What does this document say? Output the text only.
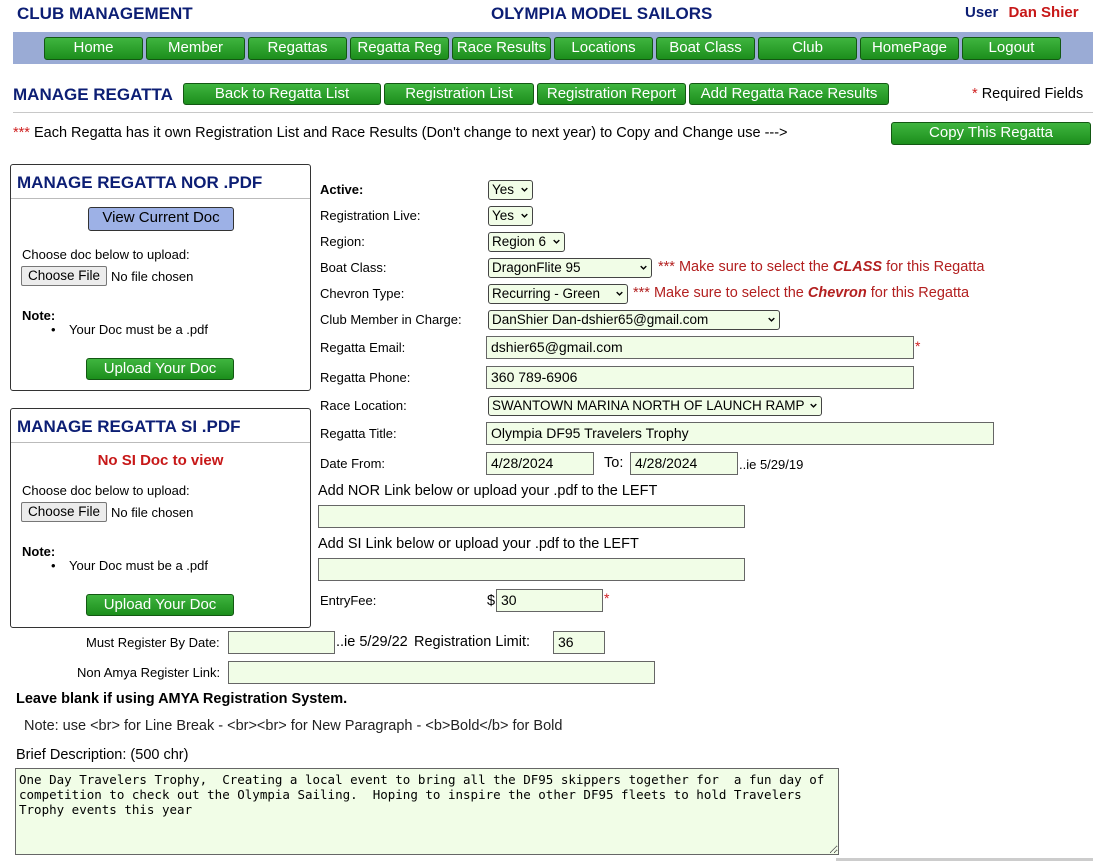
CLUB MANAGEMENT	OLYMPIA MODEL SAILORS	User Dan Shier
Home	Member	Regattas	Regatta Reg	Race Results	Locations	Boat Class	Club	HomePage	Logout
MANAGE REGATTA	Back to Regatta List	Registration List	Registration Report	Add Regatta Race Results	* Required Fields
*** Each Regatta has it own Registration List and Race Results (Don't change to next year) to Copy and Change use --->	Copy This Regatta
MANAGE REGATTA NOR .PDF
View Current Doc
Choose doc below to upload:
Choose File No file chosen
Note:
• Your Doc must be a .pdf
Upload Your Doc
MANAGE REGATTA SI .PDF
No SI Doc to view
Choose doc below to upload:
Choose File No file chosen
Note:
• Your Doc must be a .pdf
Upload Your Doc
Active:	Yes
Registration Live:	Yes
Region:	Region 6
Boat Class:	DragonFlite 95	*** Make sure to select the CLASS for this Regatta
Chevron Type:	Recurring - Green	*** Make sure to select the Chevron for this Regatta
Club Member in Charge: DanShier Dan-dshier65@gmail.com
Regatta Email:	dshier65@gmail.com	*
Regatta Phone:	360 789-6906
Race Location:	SWANTOWN MARINA NORTH OF LAUNCH RAMP
Regatta Title:	Olympia DF95 Travelers Trophy
Date From:	4/28/2024	To: 4/28/2024	..ie 5/29/19
Add NOR Link below or upload your .pdf to the LEFT
Add SI Link below or upload your .pdf to the LEFT
EntryFee:	$ 30	*
Must Register By Date:	..ie 5/29/22 Registration Limit:	36
Non Amya Register Link:
Leave blank if using AMYA Registration System.
Note: use <br> for Line Break - <br><br> for New Paragraph - <b>Bold</b> for Bold
Brief Description: (500 chr)
One Day Travelers Trophy, Creating a local event to bring all the DF95 skippers together for a fun day of competition to check out the Olympia Sailing. Hoping to inspire the other DF95 fleets to hold Travelers Trophy events this year
